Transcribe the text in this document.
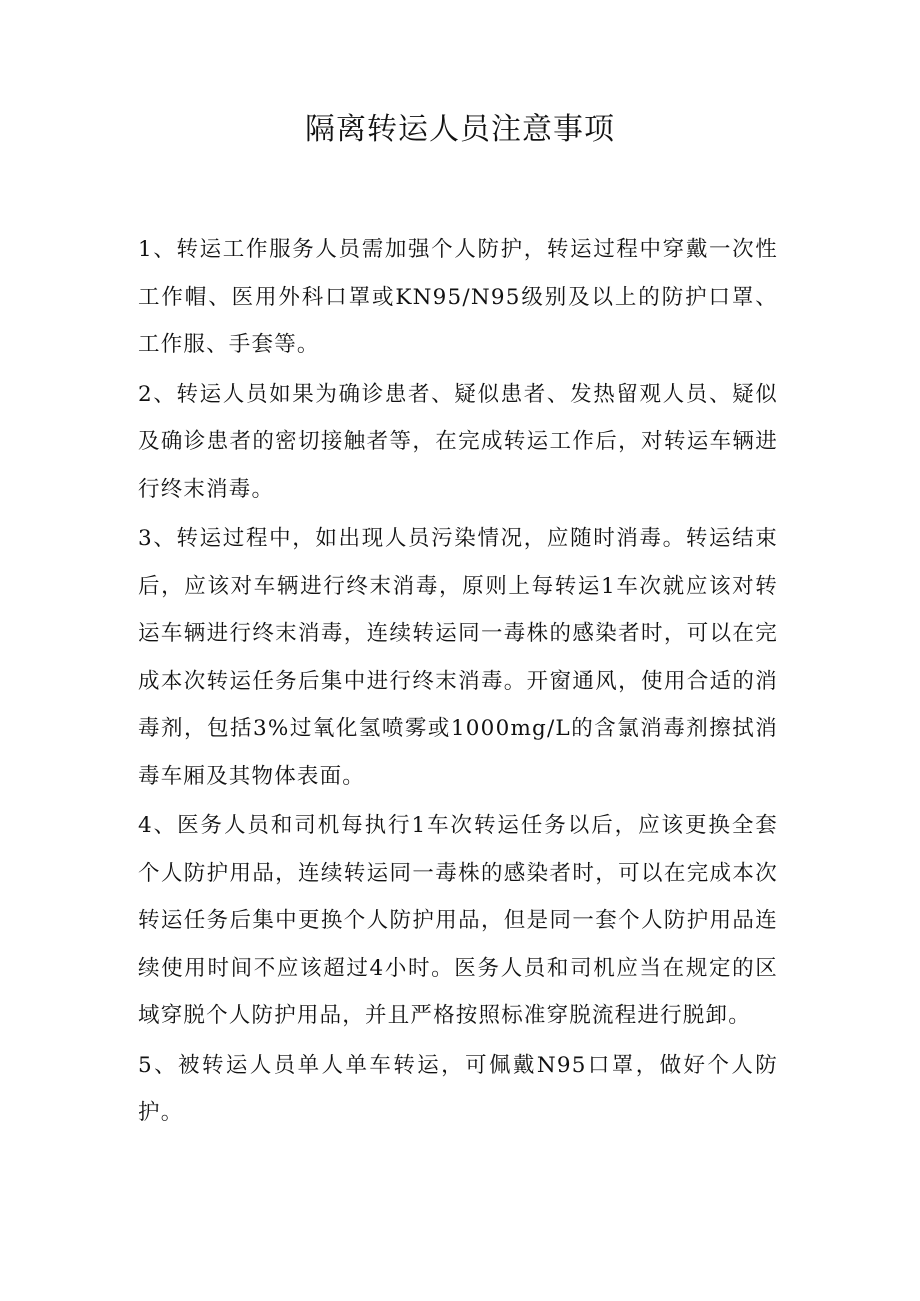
隔离转运人员注意事项

1、转运工作服务人员需加强个人防护，转运过程中穿戴一次性工作帽、医用外科口罩或KN95/N95级别及以上的防护口罩、工作服、手套等。

2、转运人员如果为确诊患者、疑似患者、发热留观人员、疑似及确诊患者的密切接触者等，在完成转运工作后，对转运车辆进行终末消毒。

3、转运过程中，如出现人员污染情况，应随时消毒。转运结束后，应该对车辆进行终末消毒，原则上每转运1车次就应该对转运车辆进行终末消毒，连续转运同一毒株的感染者时，可以在完成本次转运任务后集中进行终末消毒。开窗通风，使用合适的消毒剂，包括3%过氧化氢喷雾或1000mg/L的含氯消毒剂擦拭消毒车厢及其物体表面。

4、医务人员和司机每执行1车次转运任务以后，应该更换全套个人防护用品，连续转运同一毒株的感染者时，可以在完成本次转运任务后集中更换个人防护用品，但是同一套个人防护用品连续使用时间不应该超过4小时。医务人员和司机应当在规定的区域穿脱个人防护用品，并且严格按照标准穿脱流程进行脱卸。

5、被转运人员单人单车转运，可佩戴N95口罩，做好个人防护。
